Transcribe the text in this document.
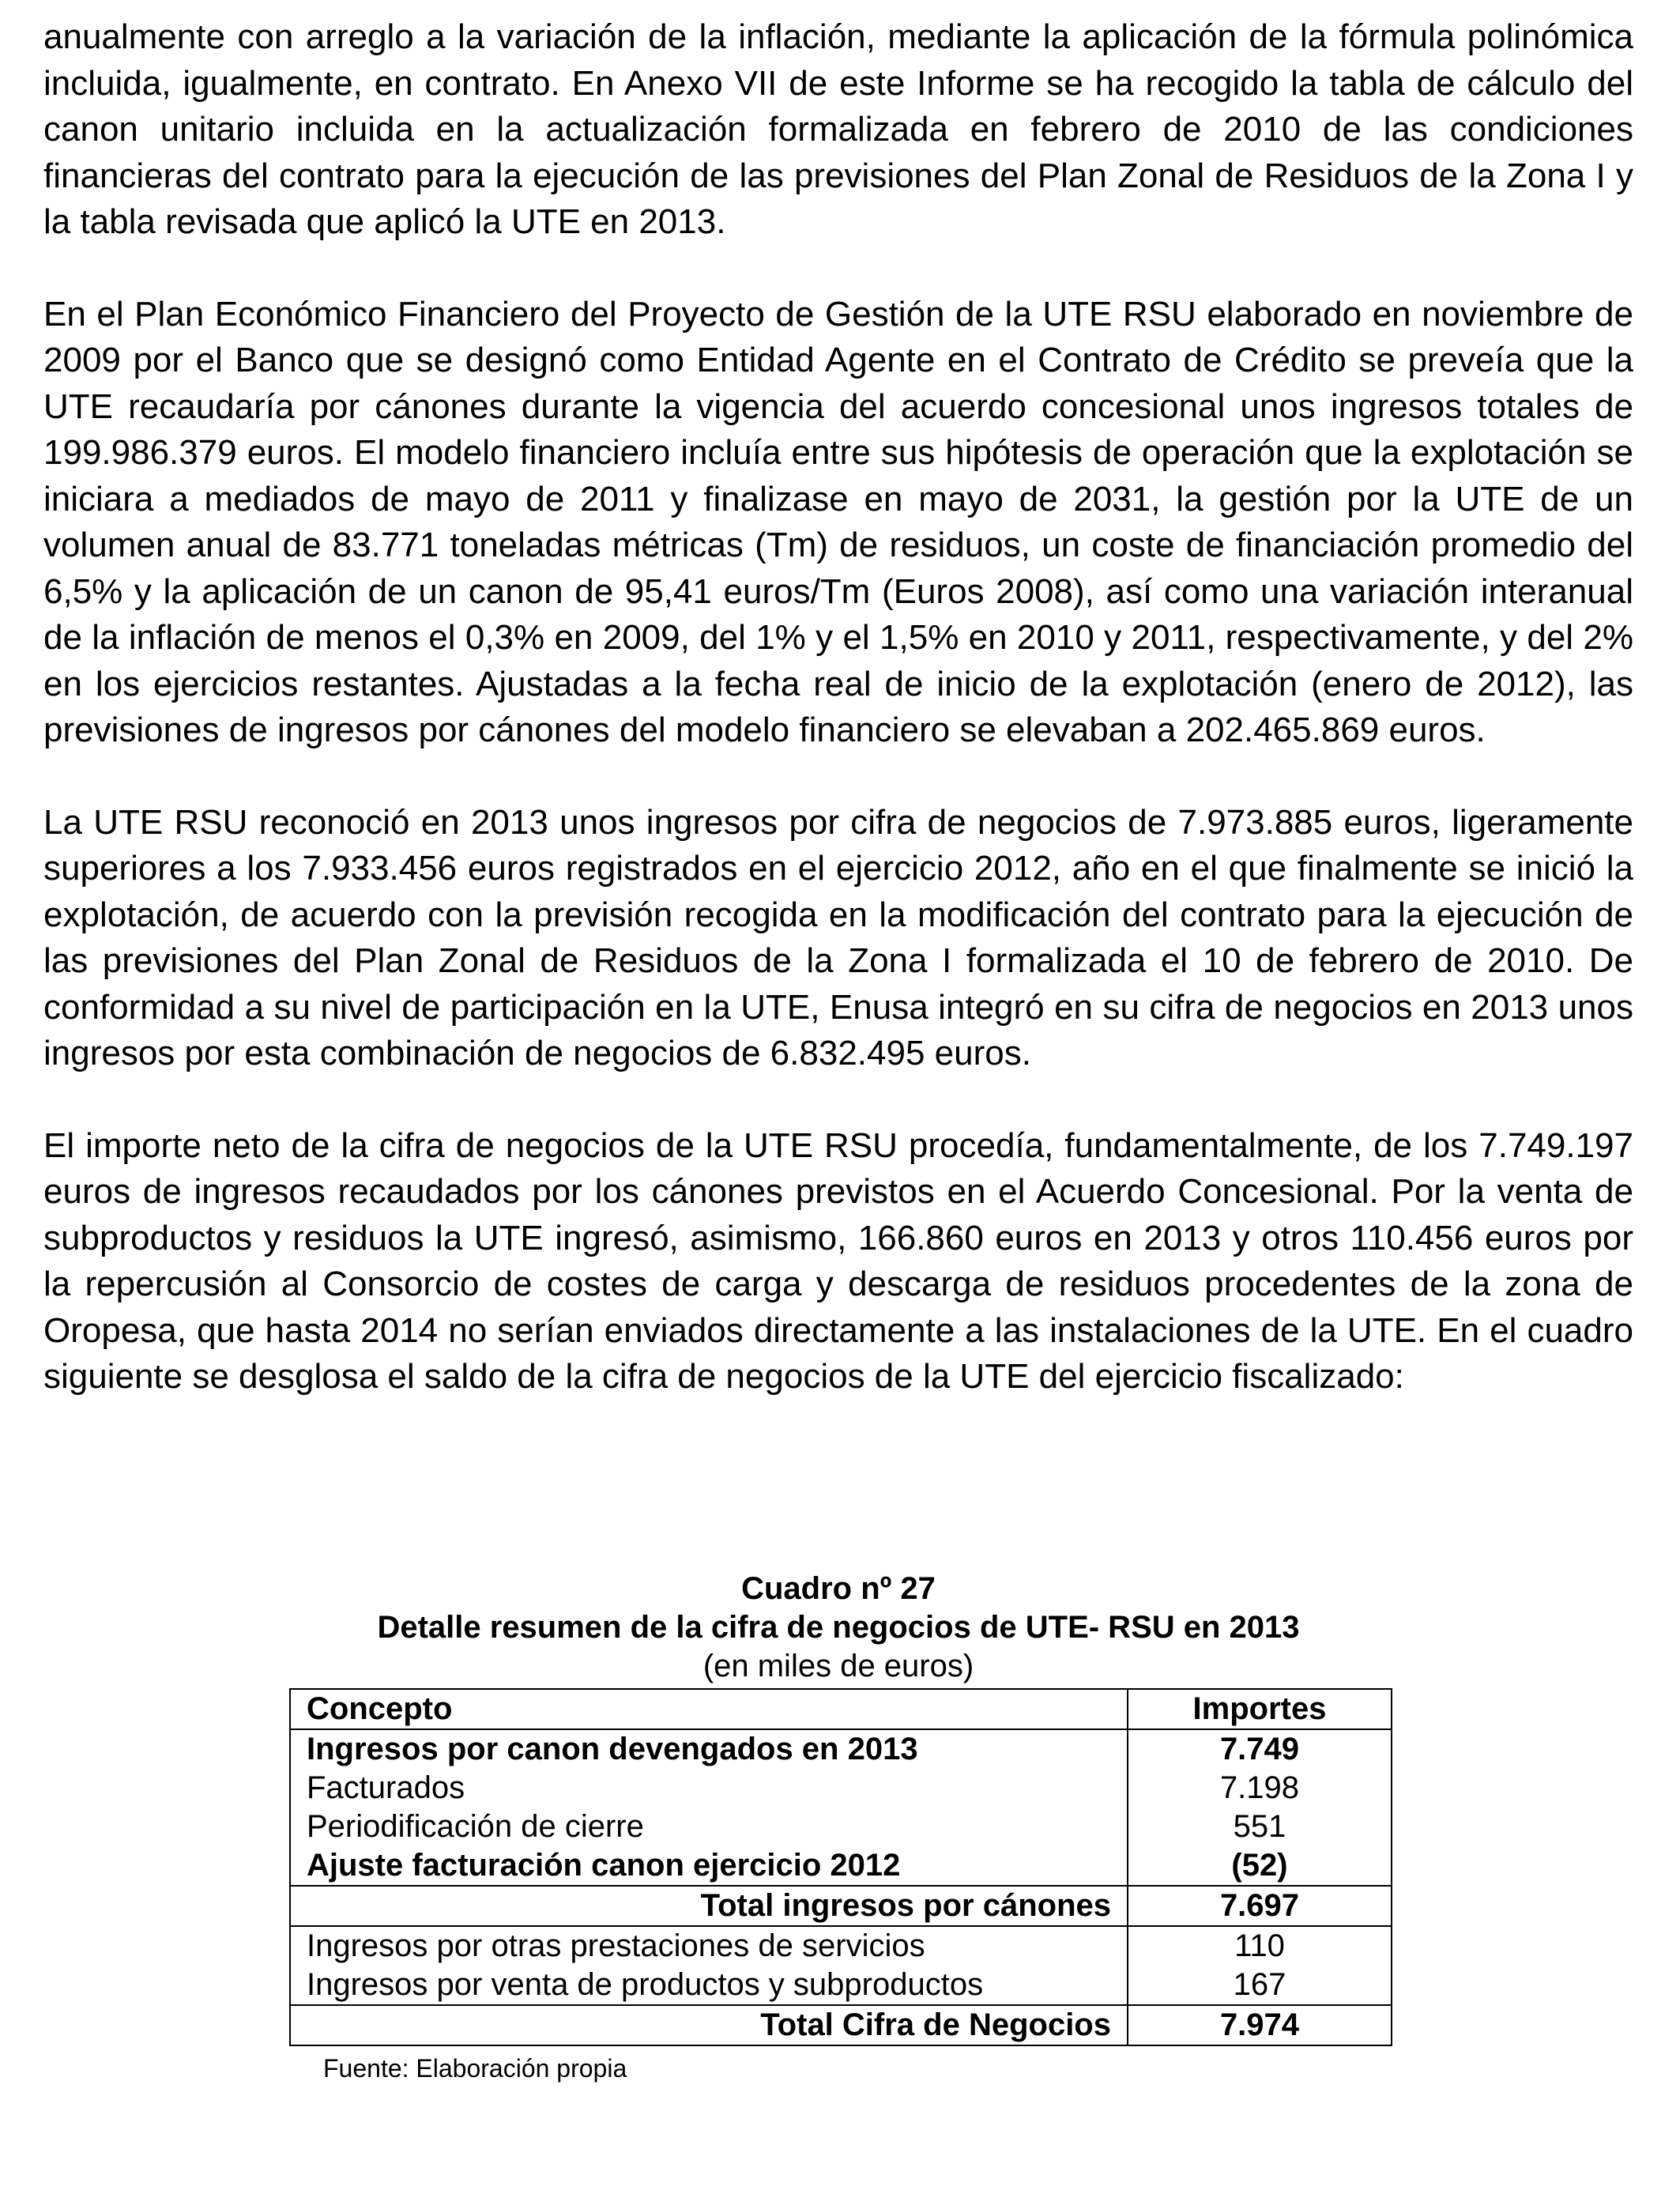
anualmente con arreglo a la variación de la inflación, mediante la aplicación de la fórmula polinómica incluida, igualmente, en contrato. En Anexo VII de este Informe se ha recogido la tabla de cálculo del canon unitario incluida en la actualización formalizada en febrero de 2010 de las condiciones financieras del contrato para la ejecución de las previsiones del Plan Zonal de Residuos de la Zona I y la tabla revisada que aplicó la UTE en 2013.

En el Plan Económico Financiero del Proyecto de Gestión de la UTE RSU elaborado en noviembre de 2009 por el Banco que se designó como Entidad Agente en el Contrato de Crédito se preveía que la UTE recaudaría por cánones durante la vigencia del acuerdo concesional unos ingresos totales de 199.986.379 euros. El modelo financiero incluía entre sus hipótesis de operación que la explotación se iniciara a mediados de mayo de 2011 y finalizase en mayo de 2031, la gestión por la UTE de un volumen anual de 83.771 toneladas métricas (Tm) de residuos, un coste de financiación promedio del 6,5% y la aplicación de un canon de 95,41 euros/Tm (Euros 2008), así como una variación interanual de la inflación de menos el 0,3% en 2009, del 1% y el 1,5% en 2010 y 2011, respectivamente, y del 2% en los ejercicios restantes. Ajustadas a la fecha real de inicio de la explotación (enero de 2012), las previsiones de ingresos por cánones del modelo financiero se elevaban a 202.465.869 euros.

La UTE RSU reconoció en 2013 unos ingresos por cifra de negocios de 7.973.885 euros, ligeramente superiores a los 7.933.456 euros registrados en el ejercicio 2012, año en el que finalmente se inició la explotación, de acuerdo con la previsión recogida en la modificación del contrato para la ejecución de las previsiones del Plan Zonal de Residuos de la Zona I formalizada el 10 de febrero de 2010. De conformidad a su nivel de participación en la UTE, Enusa integró en su cifra de negocios en 2013 unos ingresos por esta combinación de negocios de 6.832.495 euros.

El importe neto de la cifra de negocios de la UTE RSU procedía, fundamentalmente, de los 7.749.197 euros de ingresos recaudados por los cánones previstos en el Acuerdo Concesional. Por la venta de subproductos y residuos la UTE ingresó, asimismo, 166.860 euros en 2013 y otros 110.456 euros por la repercusión al Consorcio de costes de carga y descarga de residuos procedentes de la zona de Oropesa, que hasta 2014 no serían enviados directamente a las instalaciones de la UTE. En el cuadro siguiente se desglosa el saldo de la cifra de negocios de la UTE del ejercicio fiscalizado:

Cuadro nº 27
Detalle resumen de la cifra de negocios de UTE- RSU en 2013
(en miles de euros)
Concepto	Importes
Ingresos por canon devengados en 2013	7.749
Facturados	7.198
Periodificación de cierre	551
Ajuste facturación canon ejercicio 2012	(52)
Total ingresos por cánones	7.697
Ingresos por otras prestaciones de servicios	110
Ingresos por venta de productos y subproductos	167
Total Cifra de Negocios	7.974
Fuente: Elaboración propia
